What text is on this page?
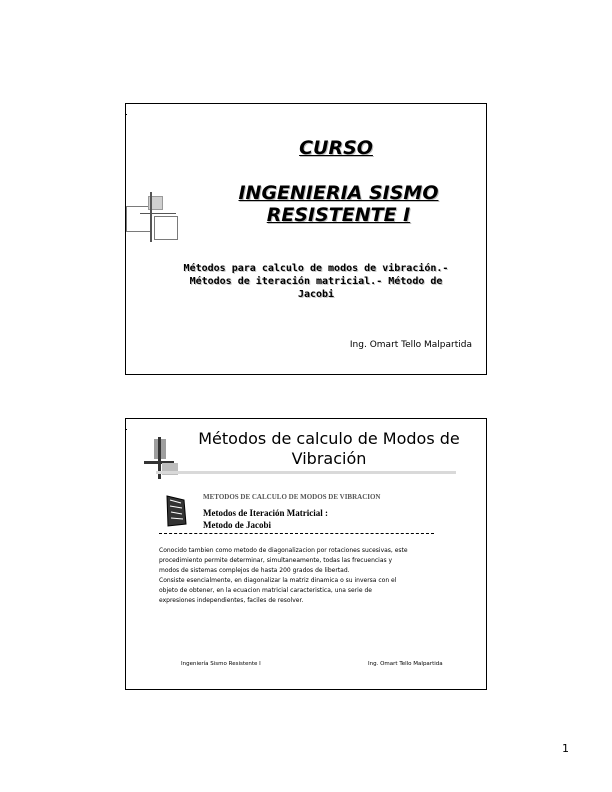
CURSO

INGENIERIA SISMO

RESISTENTE I

Métodos para calculo de modos de vibración.-

Métodos de iteración matricial.- Método de

Jacobi

Ing. Omart Tello Malpartida

Métodos de calculo de Modos de
Vibración

METODOS DE CALCULO DE MODOS DE VIBRACION

Metodos de Iteración Matricial :
Metodo de Jacobi

Conocido tambien como metodo de diagonalizacion por rotaciones sucesivas, este
procedimiento permite determinar, simultaneamente, todas las frecuencias y
modos de sistemas complejos de hasta 200 grados de libertad.
Consiste esencialmente, en diagonalizar la matriz dinamica o su inversa con el
objeto de obtener, en la ecuacion matricial caracteristica, una serie de
expresiones independientes, faciles de resolver.

Ingeniería Sismo Resistente I	Ing. Omart Tello Malpartida

1
